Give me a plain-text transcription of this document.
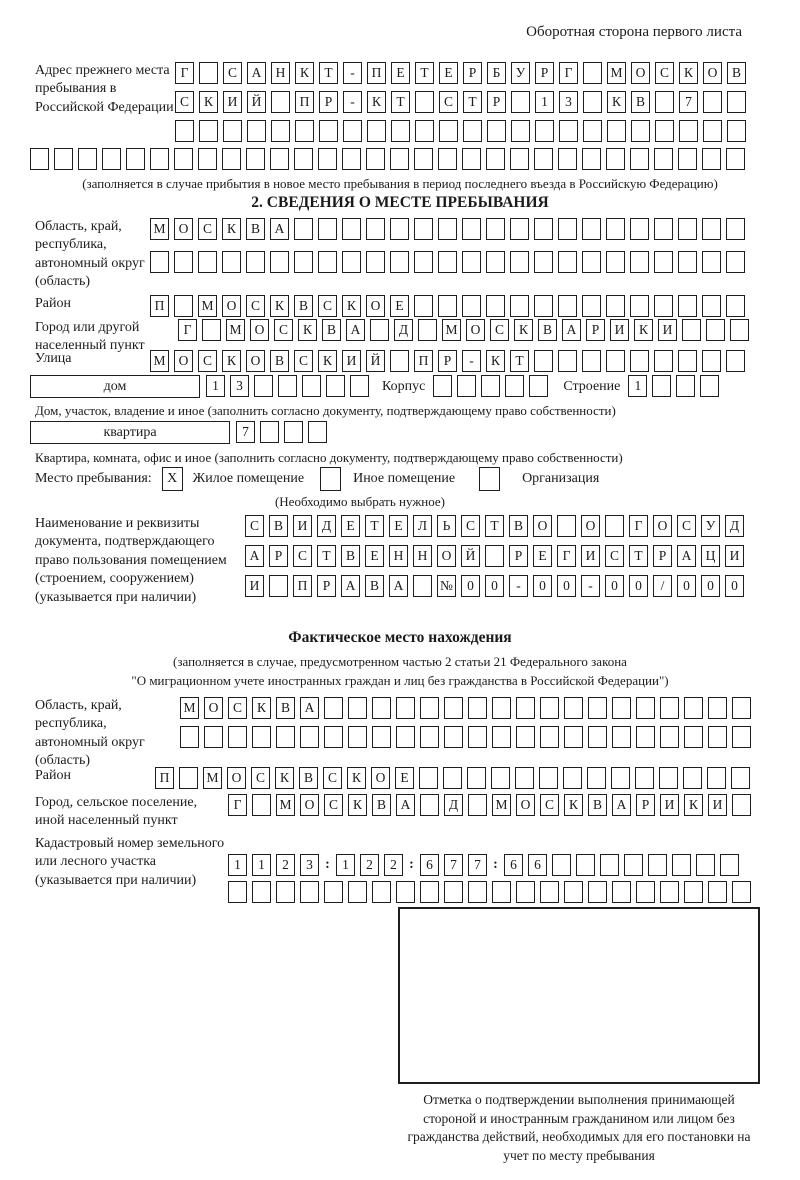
Оборотная сторона первого листа
Адрес прежнего места пребывания в Российской Федерации
Г	С	А	Н	К	Т	-	П	Е	Т	Е	Р	Б	У	Р	Г	М О	С	К	О	В
С	К	И	Й	П	Р	-	К	Т	С	Т	Р	1	3	К	В	7
(заполняется в случае прибытия в новое место пребывания в период последнего въезда в Российскую Федерацию)
2. СВЕДЕНИЯ О МЕСТЕ ПРЕБЫВАНИЯ
Область, край, республика, автономный округ (область)
М О	С	К	В	А
Район	П	М О	С	К	В	С	К	О	Е
Город или другой населенный пункт
Г	М О	С	К	В	А	Д	М О	С	К	В	А	Р	И	К	И
Улица	М О	С	К	О	В	С	К	И	Й	П	Р	-	К	Т
дом	1	3	Корпус	Строение	1
Дом, участок, владение и иное (заполнить согласно документу, подтверждающему право собственности)
квартира	7
Квартира, комната, офис и иное (заполнить согласно документу, подтверждающему право собственности)
Место пребывания:	X	Жилое помещение	Иное помещение	Организация
(Необходимо выбрать нужное)
Наименование и реквизиты документа, подтверждающего право пользования помещением (строением, сооружением) (указывается при наличии)
С	В	И	Д	Е	Т	Е	Л	Ь	С	Т	В	О	О	Г	О	С	У	Д
А	Р	С	Т	В	Е	Н	Н	О	Й	Р	Е	Г	И	С	Т	Р	А	Ц	И
И	П	Р	А	В	А	№	0	0	-	0	0	-	0	0	/	0	0	0
Фактическое место нахождения
(заполняется в случае, предусмотренном частью 2 статьи 21 Федерального закона
"О миграционном учете иностранных граждан и лиц без гражданства в Российской Федерации")
Область, край, республика, автономный округ (область)
М О	С	К	В	А
Район	П	М О	С	К	В	С	К	О	Е
Город, сельское поселение, иной населенный пункт
Г	М О	С	К	В	А	Д	М О	С	К	В	А	Р	И	К	И
Кадастровый номер земельного или лесного участка (указывается при наличии)
1	1	2	3 : 1	2	2 : 6	7	7 : 6	6
Отметка о подтверждении выполнения принимающей стороной и иностранным гражданином или лицом без гражданства действий, необходимых для его постановки на учет по месту пребывания
